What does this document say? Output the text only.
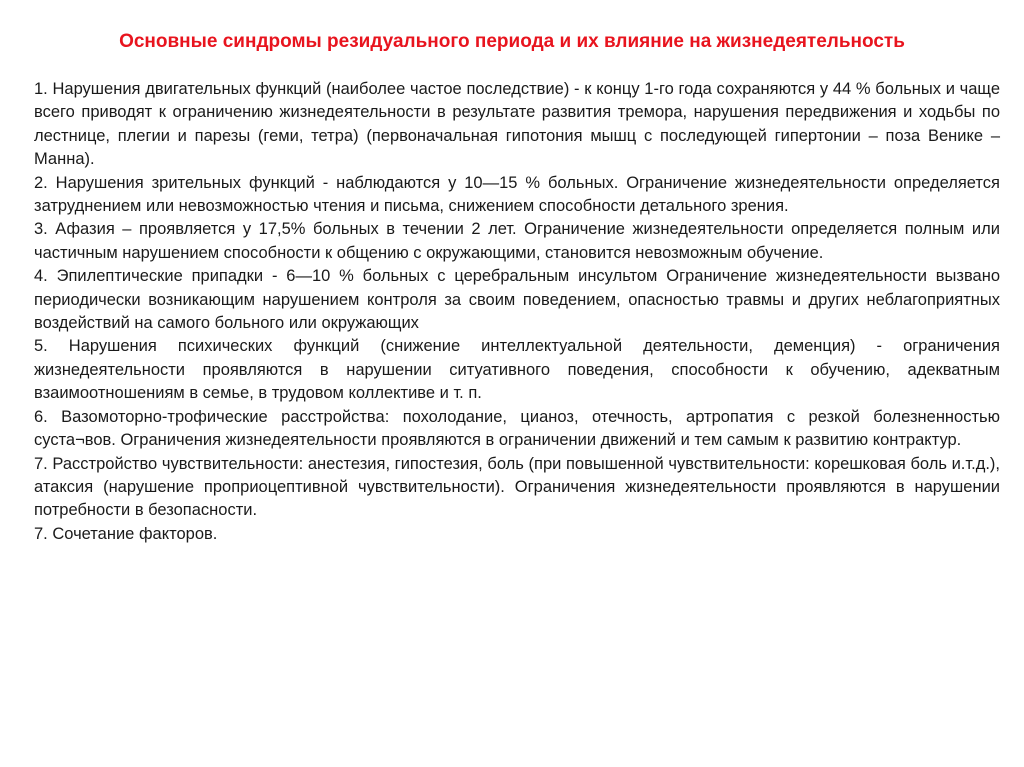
Основные синдромы резидуального периода и их влияние на жизнедеятельность

1. Нарушения двигательных функций (наиболее частое последствие) - к концу 1-го года сохраняются у 44 % больных и чаще всего приводят к ограничению жизнедеятельности в результате развития тремора, нарушения передвижения и ходьбы по лестнице, плегии и парезы (геми, тетра) (первоначальная гипотония мышц с последующей гипертонии – поза Венике – Манна).

2. Нарушения зрительных функций - наблюдаются у 10—15 % больных. Ограничение жизнедеятельности определяется затруднением или невозможностью чтения и письма, снижением способности детального зрения.

3. Афазия – проявляется у 17,5% больных в течении 2 лет. Ограничение жизнедеятельности определяется полным или частичным нарушением способности к общению с окружающими, становится невозможным обучение.

4. Эпилептические припадки - 6—10 % больных с церебральным инсультом Ограничение жизнедеятельности вызвано периодически возникающим нарушением контроля за своим поведением, опасностью травмы и других неблагоприятных воздействий на самого больного или окружающих

5. Нарушения психических функций (снижение интеллектуальной деятельности, деменция) - ограничения жизнедеятельности проявляются в нарушении ситуативного поведения, способности к обучению, адекватным взаимоотношениям в семье, в трудовом коллективе и т. п.

6. Вазомоторно-трофические расстройства: похолодание, цианоз, отечность, артропатия с резкой болезненностью суста¬вов. Ограничения жизнедеятельности проявляются в ограничении движений и тем самым к развитию контрактур.

7. Расстройство чувствительности: анестезия, гипостезия, боль (при повышенной чувствительности: корешковая боль и.т.д.), атаксия (нарушение проприоцептивной чувствительности). Ограничения жизнедеятельности проявляются в нарушении потребности в безопасности.

7. Сочетание факторов.
